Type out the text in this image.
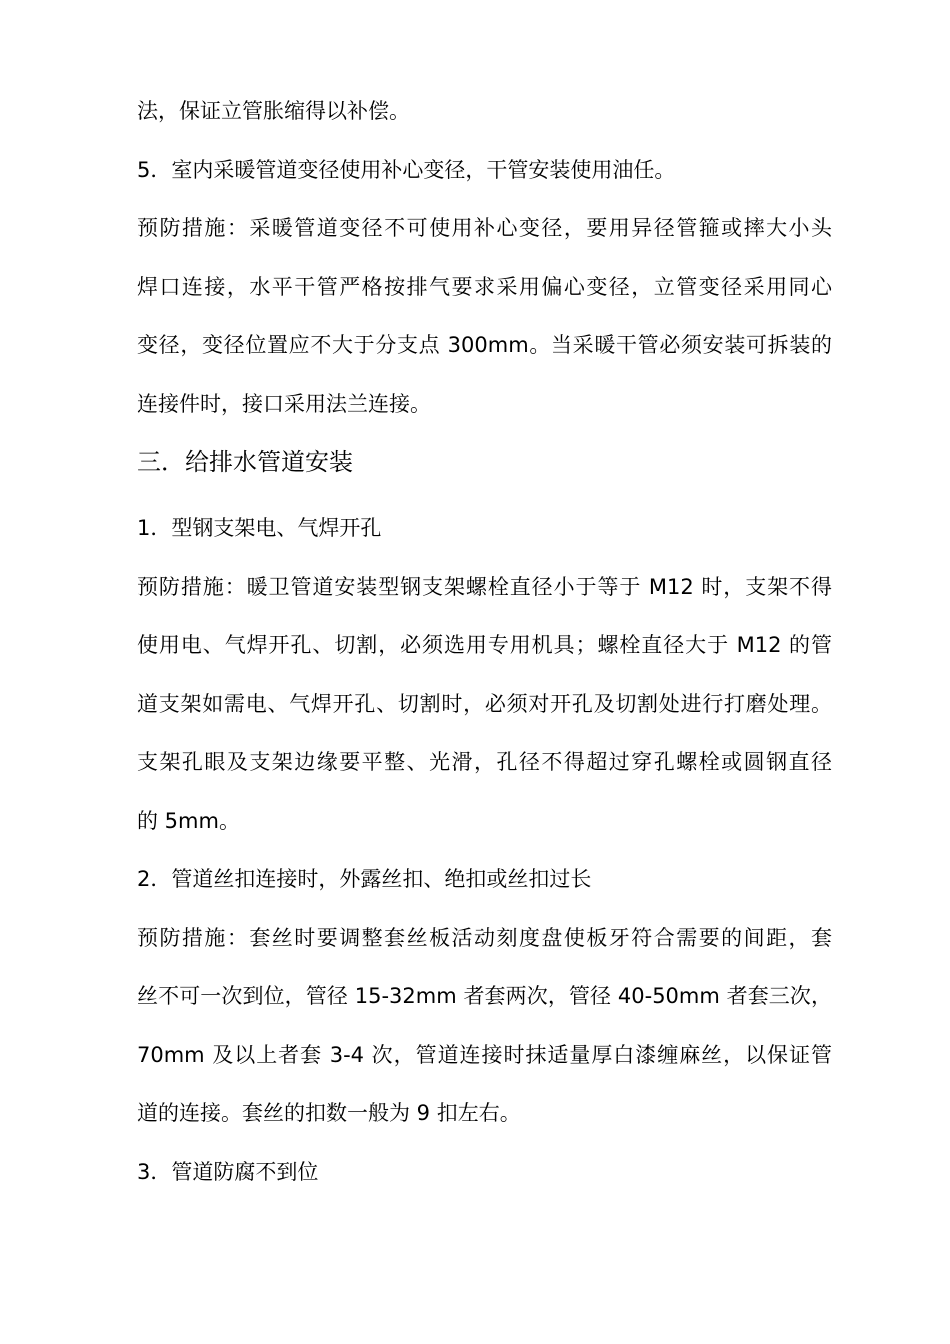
法，保证立管胀缩得以补偿。
5．室内采暖管道变径使用补心变径，干管安装使用油任。
预防措施：采暖管道变径不可使用补心变径，要用异径管箍或摔大小头
焊口连接，水平干管严格按排气要求采用偏心变径，立管变径采用同心
变径，变径位置应不大于分支点 300mm。当采暖干管必须安装可拆装的
连接件时，接口采用法兰连接。
三．给排水管道安装
1．型钢支架电、气焊开孔
预防措施：暖卫管道安装型钢支架螺栓直径小于等于 M12 时，支架不得
使用电、气焊开孔、切割，必须选用专用机具；螺栓直径大于 M12 的管
道支架如需电、气焊开孔、切割时，必须对开孔及切割处进行打磨处理。
支架孔眼及支架边缘要平整、光滑，孔径不得超过穿孔螺栓或圆钢直径
的 5mm。
2．管道丝扣连接时，外露丝扣、绝扣或丝扣过长
预防措施：套丝时要调整套丝板活动刻度盘使板牙符合需要的间距，套
丝不可一次到位，管径 15-32mm 者套两次，管径 40-50mm 者套三次，
70mm 及以上者套 3-4 次，管道连接时抹适量厚白漆缠麻丝，以保证管
道的连接。套丝的扣数一般为 9 扣左右。
3．管道防腐不到位
